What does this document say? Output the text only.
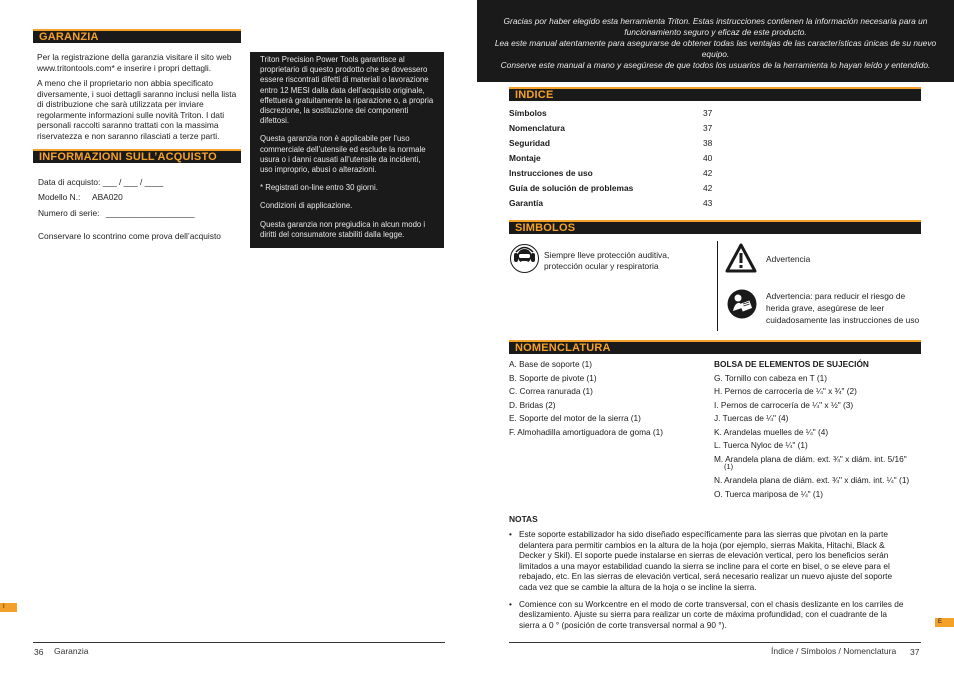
GARANZIA
Per la registrazione della garanzia visitare il sito web www.tritontools.com* e inserire i propri dettagli.
A meno che il proprietario non abbia specificato diversamente, i suoi dettagli saranno inclusi nella lista di distribuzione che sarà utilizzata per inviare regolarmente informazioni sulle novità Triton. I dati personali raccolti saranno trattati con la massima riservatezza e non saranno rilasciati a terze parti.
INFORMAZIONI SULL’ACQUISTO
Data di acquisto: ___ / ___ / ____
Modello N.: ABA020
Numero di serie: ___________________
Conservare lo scontrino come prova dell’acquisto

Triton Precision Power Tools garantisce al proprietario di questo prodotto che se dovessero essere riscontrati difetti di materiali o lavorazione entro 12 MESI dalla data dell’acquisto originale, effettuerà gratuitamente la riparazione o, a propria discrezione, la sostituzione dei componenti difettosi.

Questa garanzia non è applicabile per l’uso commerciale dell’utensile ed esclude la normale usura o i danni causati all’utensile da incidenti, uso improprio, abusi o alterazioni.

* Registrati on-line entro 30 giorni.

Condizioni di applicazione.

Questa garanzia non pregiudica in alcun modo i diritti del consumatore stabiliti dalla legge.

I
36 Garanzia
Gracias por haber elegido esta herramienta Triton. Estas instrucciones contienen la información necesaria para un funcionamiento seguro y eficaz de este producto.
Lea este manual atentamente para asegurarse de obtener todas las ventajas de las características únicas de su nuevo equipo.
Conserve este manual a mano y asegúrese de que todos los usuarios de la herramienta lo hayan leído y entendido.
INDICE
Símbolos	37
Nomenclatura	37
Seguridad	38
Montaje	40
Instrucciones de uso	42
Guía de solución de problemas	42
Garantía	43
SIMBOLOS
Siempre lleve protección auditiva, protección ocular y respiratoria
Advertencia
Advertencia: para reducir el riesgo de herida grave, asegúrese de leer cuidadosamente las instrucciones de uso
NOMENCLATURA
A. Base de soporte (1)
B. Soporte de pivote (1)
C. Correa ranurada (1)
D. Bridas (2)
E. Soporte del motor de la sierra (1)
F. Almohadilla amortiguadora de goma (1)
BOLSA DE ELEMENTOS DE SUJECIÓN
G. Tornillo con cabeza en T (1)
H. Pernos de carrocería de ¼" x ¾" (2)
I. Pernos de carrocería de ¼" x ½" (3)
J. Tuercas de ¼" (4)
K. Arandelas muelles de ¼" (4)
L. Tuerca Nyloc de ¼" (1)
M. Arandela plana de diám. ext. ¾" x diám. int. 5/16"
(1)
N. Arandela plana de diám. ext. ¾" x diám. int. ¼'' (1)
O. Tuerca mariposa de ¼" (1)
NOTAS
• Este soporte estabilizador ha sido diseñado específicamente para las sierras que pivotan en la parte delantera para permitir cambios en la altura de la hoja (por ejemplo, sierras Makita, Hitachi, Black & Decker y Skil). El soporte puede instalarse en sierras de elevación vertical, pero los beneficios serán limitados a una mayor estabilidad cuando la sierra se incline para el corte en bisel, o se eleve para el rebajado, etc. En las sierras de elevación vertical, será necesario realizar un nuevo ajuste del soporte cada vez que se cambie la altura de la hoja o se incline la sierra.
• Comience con su Workcentre en el modo de corte transversal, con el chasis deslizante en los carriles de deslizamiento. Ajuste su sierra para realizar un corte de máxima profundidad, con el cuadrante de la sierra a 0 ° (posición de corte transversal normal a 90 °).	E
Índice / Símbolos / Nomenclatura 37
